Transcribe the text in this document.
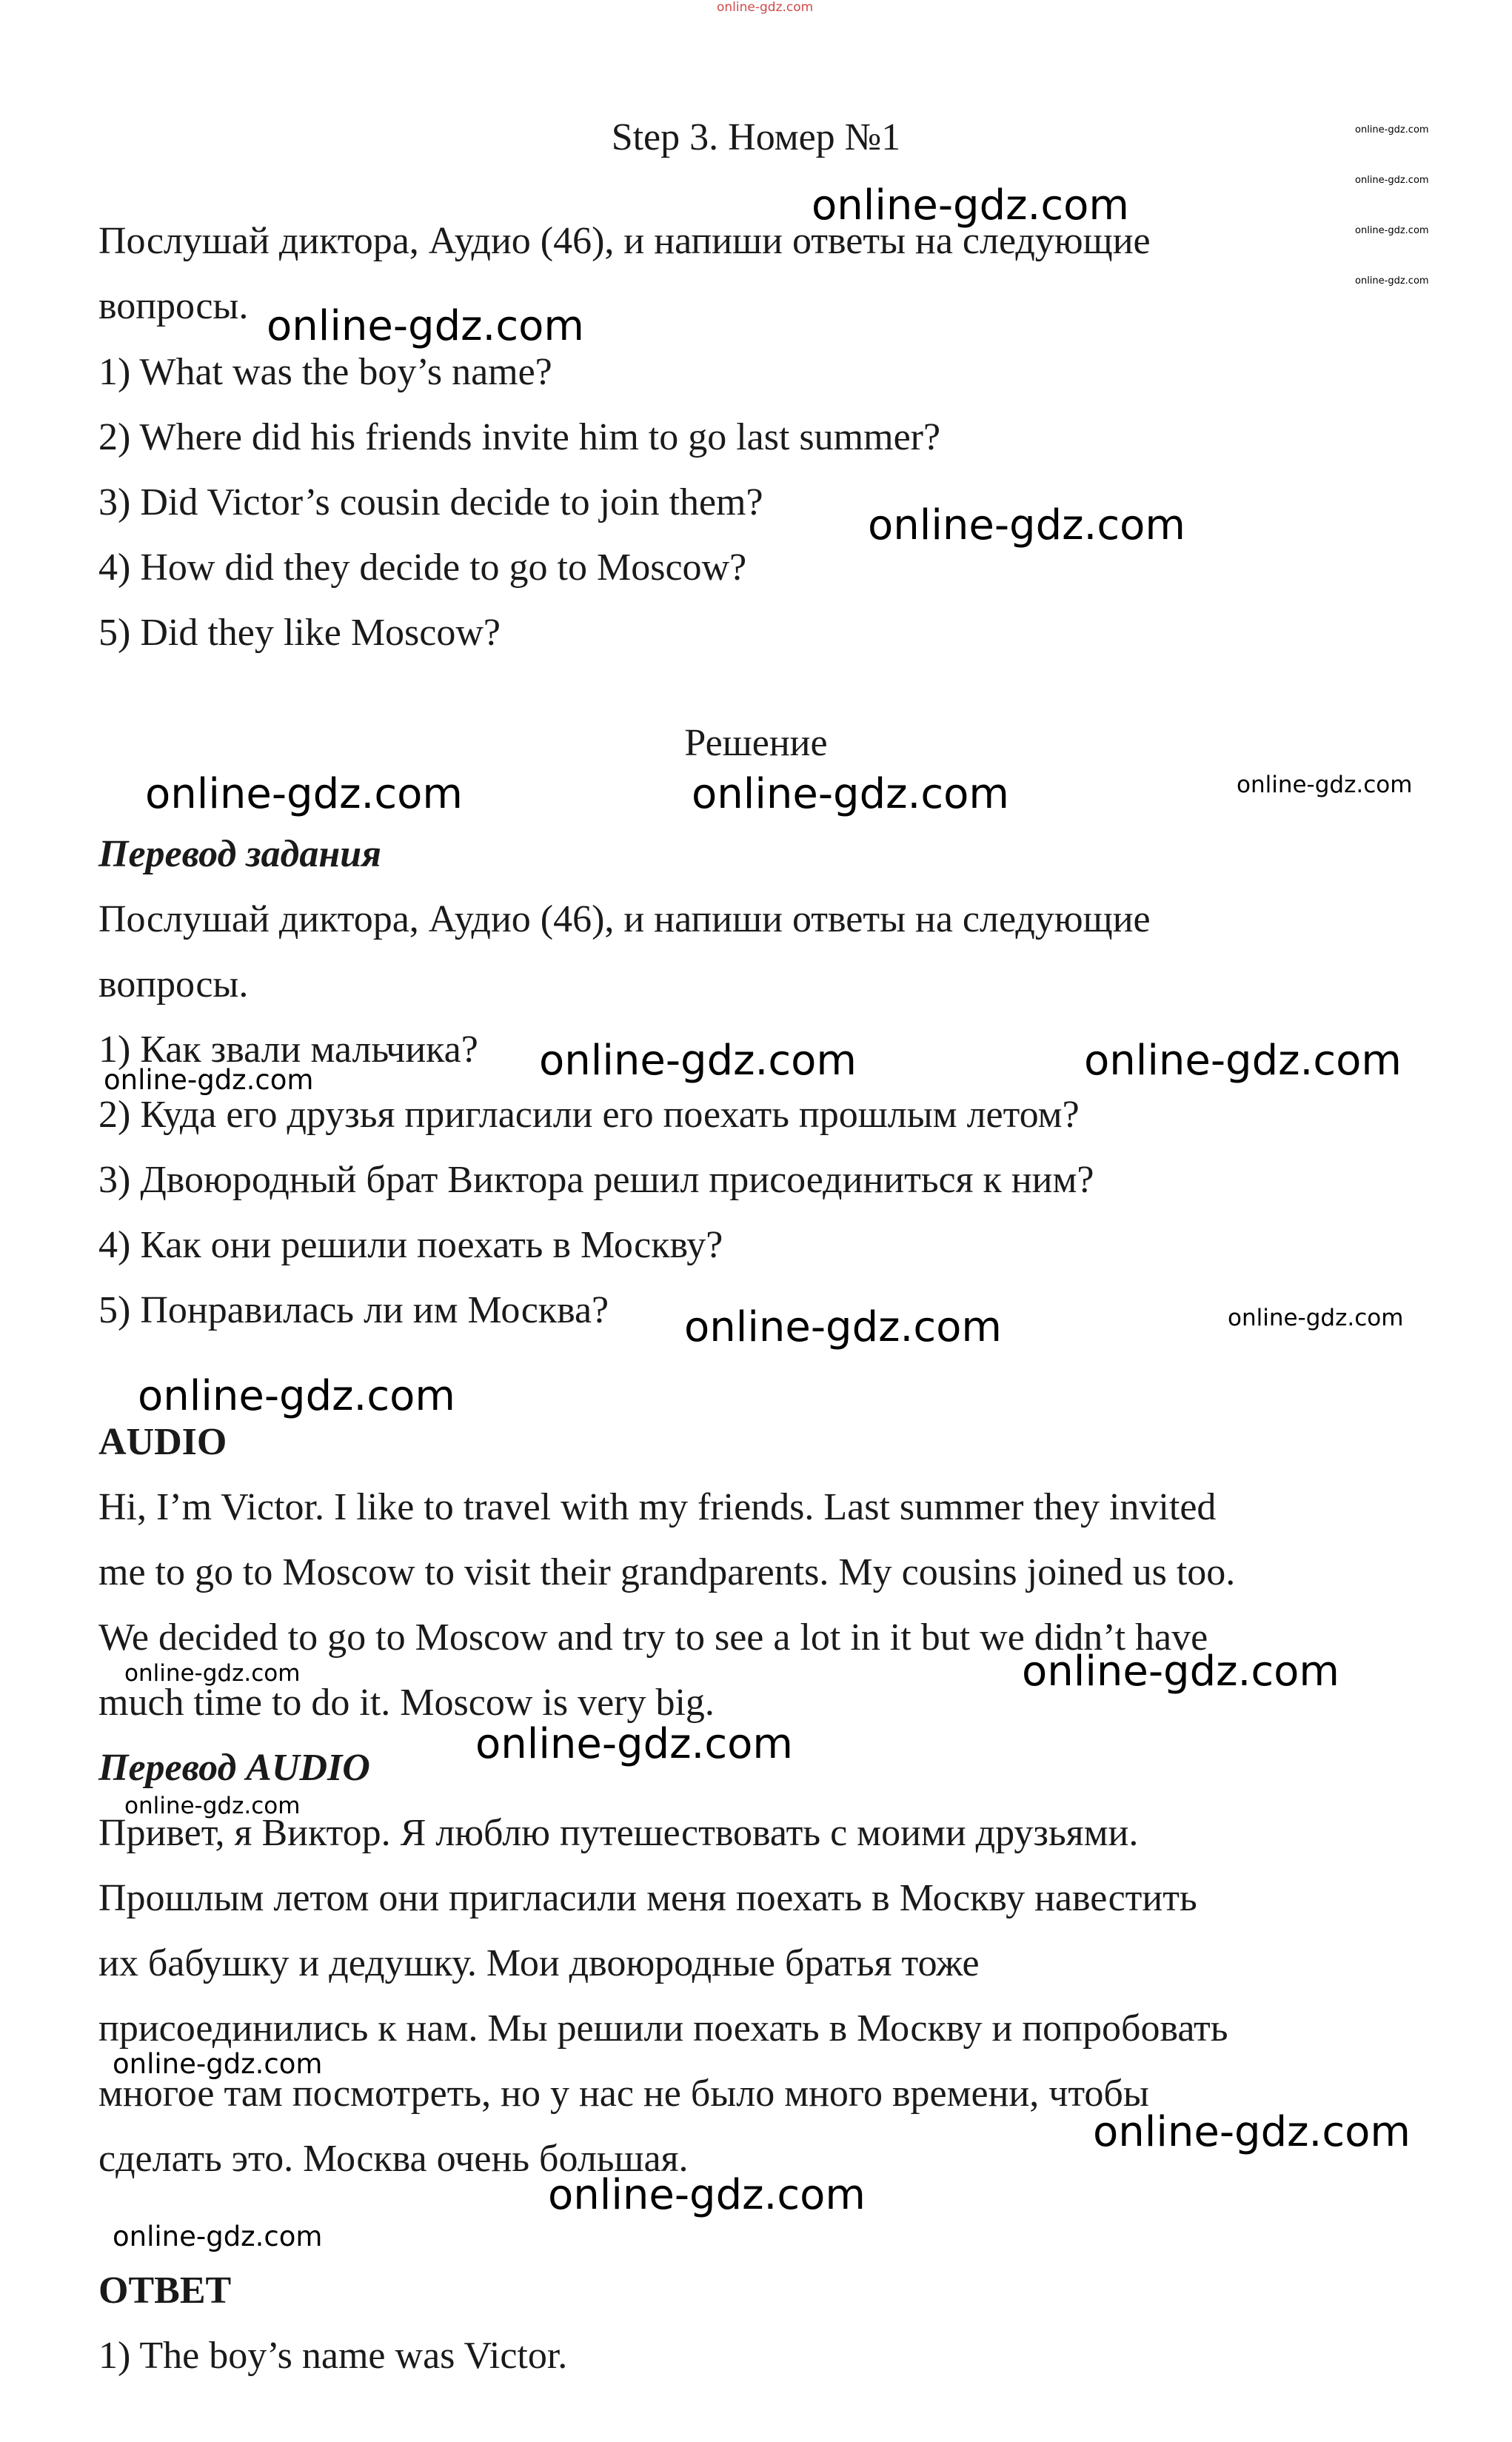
online-gdz.com
Step 3. Номер №1
Послушай диктора, Аудио (46), и напиши ответы на следующие
вопросы.
1) What was the boy’s name?
2) Where did his friends invite him to go last summer?
3) Did Victor’s cousin decide to join them?
4) How did they decide to go to Moscow?
5) Did they like Moscow?
Решение
Перевод задания
Послушай диктора, Аудио (46), и напиши ответы на следующие
вопросы.
1) Как звали мальчика?
2) Куда его друзья пригласили его поехать прошлым летом?
3) Двоюродный брат Виктора решил присоединиться к ним?
4) Как они решили поехать в Москву?
5) Понравилась ли им Москва?
AUDIO
Hi, I’m Victor. I like to travel with my friends. Last summer they invited
me to go to Moscow to visit their grandparents. My cousins joined us too.
We decided to go to Moscow and try to see a lot in it but we didn’t have
much time to do it. Moscow is very big.
Перевод AUDIO
Привет, я Виктор. Я люблю путешествовать с моими друзьями.
Прошлым летом они пригласили меня поехать в Москву навестить
их бабушку и дедушку. Мои двоюродные братья тоже
присоединились к нам. Мы решили поехать в Москву и попробовать
многое там посмотреть, но у нас не было много времени, чтобы
сделать это. Москва очень большая.
ОТВЕТ
1) The boy’s name was Victor.
online-gdz.com
online-gdz.com
online-gdz.com
online-gdz.com
online-gdz.com
online-gdz.com
online-gdz.com
online-gdz.com	online-gdz.com	online-gdz.com
online-gdz.com	online-gdz.com
online-gdz.com
online-gdz.com	online-gdz.com
online-gdz.com
online-gdz.com	online-gdz.com
online-gdz.com
online-gdz.com
online-gdz.com
online-gdz.com
online-gdz.com
online-gdz.com
